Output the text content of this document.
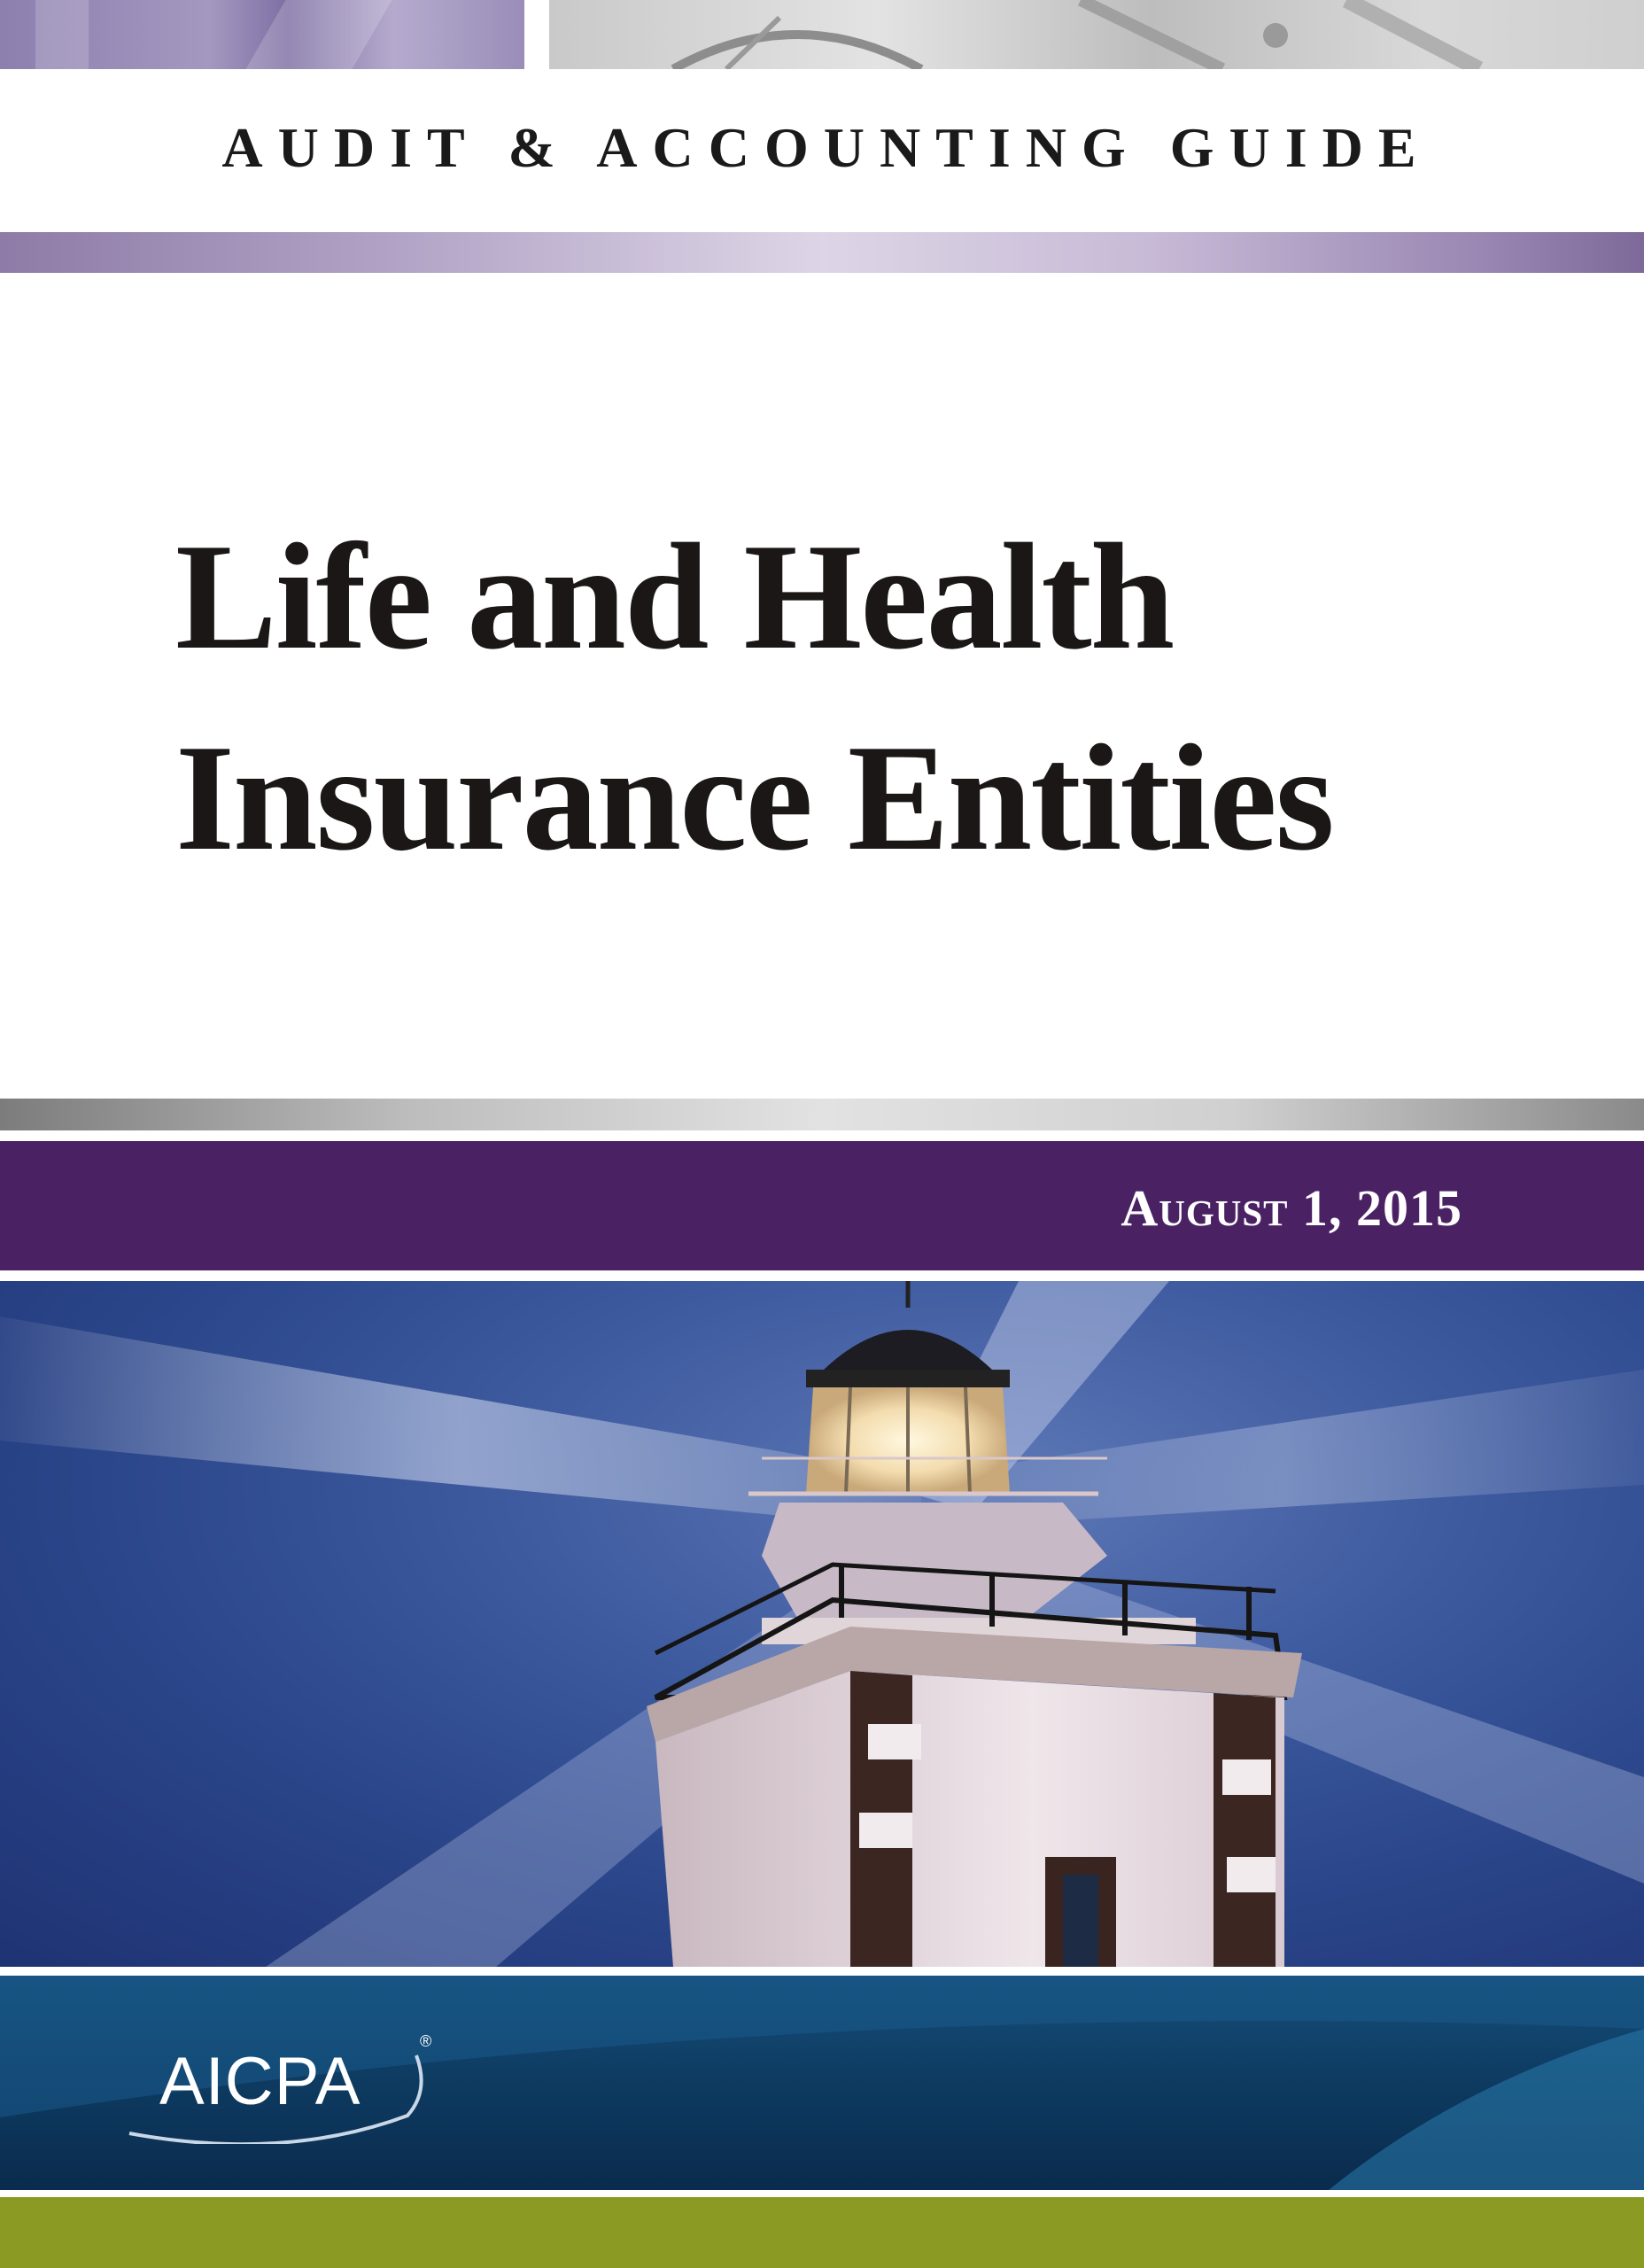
AUDIT & ACCOUNTING GUIDE
Life and Health
Insurance Entities
August 1, 2015
AICPA
®
